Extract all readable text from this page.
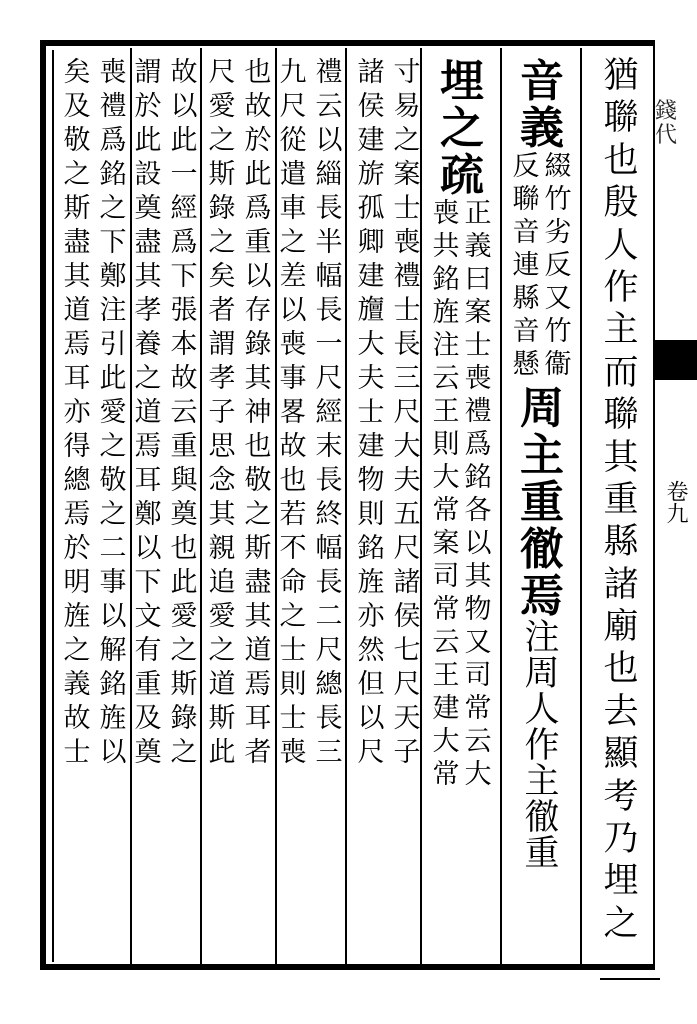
猶
聯
也
殷
人
作
主
而
聯
其
重
縣
諸
廟
也
去
顯
考
乃
埋
之
音
義
綴
竹
劣
反
又
竹
衞
反
聯
音
連
縣
音
懸
周
主
重
徹
焉
注
周
人
作
主
徹
重
埋
之
疏
正
義
曰
案
士
喪
禮
爲
銘
各
以
其
物
又
司
常
云
大
喪
共
銘
旌
注
云
王
則
大
常
案
司
常
云
王
建
大
常
寸
易
之
案
士
喪
禮
士
長
三
尺
大
夫
五
尺
諸
侯
七
尺
天
子
諸
侯
建
旂
孤
卿
建
旜
大
夫
士
建
物
則
銘
旌
亦
然
但
以
尺
禮
云
以
緇
長
半
幅
長
一
尺
經
末
長
終
幅
長
二
尺
總
長
三
九
尺
從
遣
車
之
差
以
喪
事
畧
故
也
若
不
命
之
士
則
士
喪
也
故
於
此
爲
重
以
存
錄
其
神
也
敬
之
斯
盡
其
道
焉
耳
者
尺
愛
之
斯
錄
之
矣
者
謂
孝
子
思
念
其
親
追
愛
之
道
斯
此
故
以
此
一
經
爲
下
張
本
故
云
重
與
奠
也
此
愛
之
斯
錄
之
謂
於
此
設
奠
盡
其
孝
養
之
道
焉
耳
鄭
以
下
文
有
重
及
奠
喪
禮
爲
銘
之
下
鄭
注
引
此
愛
之
敬
之
二
事
以
解
銘
旌
以
矣
及
敬
之
斯
盡
其
道
焉
耳
亦
得
總
焉
於
明
旌
之
義
故
士
錢代
卷九
